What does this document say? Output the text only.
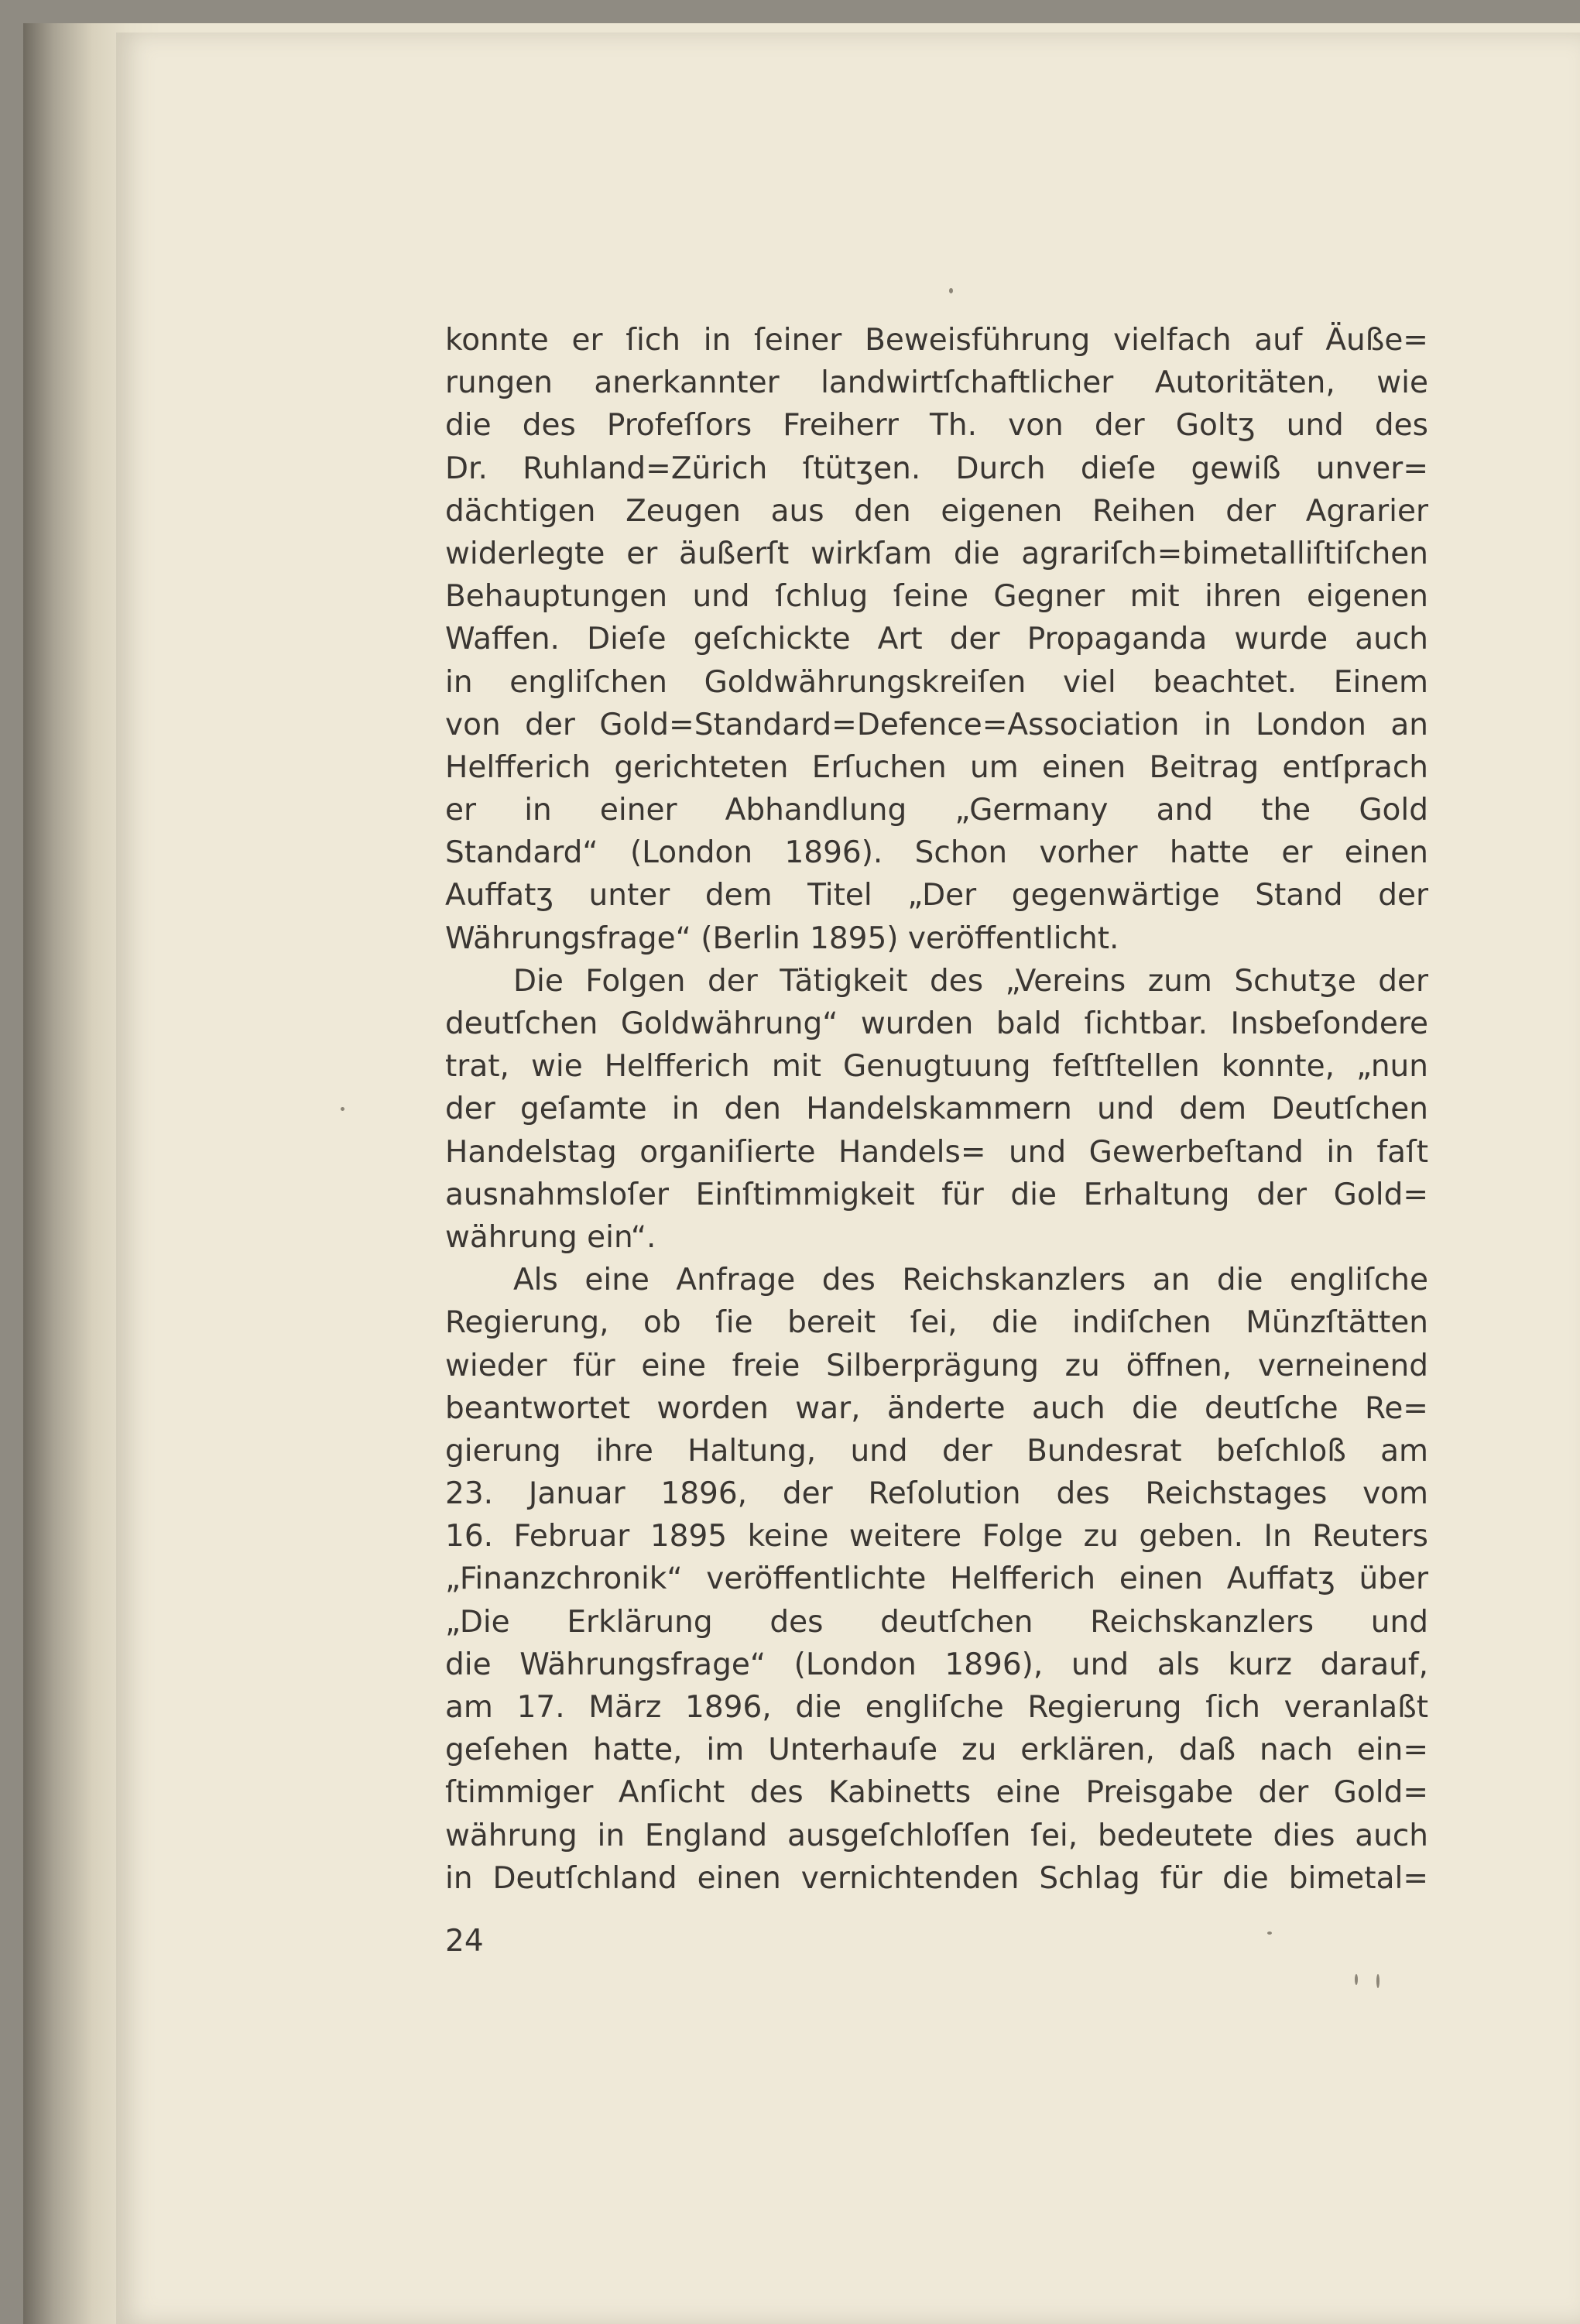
konnte er ſich in ſeiner Beweisführung vielfach auf Äuße=
rungen anerkannter landwirtſchaftlicher Autoritäten, wie
die des Profeſſors Freiherr Th. von der Goltʒ und des
Dr. Ruhland=Zürich ſtütʒen. Durch dieſe gewiß unver=
dächtigen Zeugen aus den eigenen Reihen der Agrarier
widerlegte er äußerſt wirkſam die agrariſch=bimetalliſtiſchen
Behauptungen und ſchlug ſeine Gegner mit ihren eigenen
Waffen. Dieſe geſchickte Art der Propaganda wurde auch
in engliſchen Goldwährungskreiſen viel beachtet. Einem
von der Gold=Standard=Defence=Association in London an
Helfferich gerichteten Erſuchen um einen Beitrag entſprach
er in einer Abhandlung „Germany and the Gold
Standard“ (London 1896). Schon vorher hatte er einen
Auffatʒ unter dem Titel „Der gegenwärtige Stand der
Währungsfrage“ (Berlin 1895) veröffentlicht.
Die Folgen der Tätigkeit des „Vereins zum Schutʒe der
deutſchen Goldwährung“ wurden bald ſichtbar. Insbeſondere
trat, wie Helfferich mit Genugtuung feſtſtellen konnte, „nun
der geſamte in den Handelskammern und dem Deutſchen
Handelstag organiſierte Handels= und Gewerbeſtand in faſt
ausnahmsloſer Einſtimmigkeit für die Erhaltung der Gold=
währung ein“.
Als eine Anfrage des Reichskanzlers an die engliſche
Regierung, ob ſie bereit ſei, die indiſchen Münzſtätten
wieder für eine freie Silberprägung zu öffnen, verneinend
beantwortet worden war, änderte auch die deutſche Re=
gierung ihre Haltung, und der Bundesrat beſchloß am
23. Januar 1896, der Reſolution des Reichstages vom
16. Februar 1895 keine weitere Folge zu geben. In Reuters
„Finanzchronik“ veröffentlichte Helfferich einen Auffatʒ über
„Die Erklärung des deutſchen Reichskanzlers und
die Währungsfrage“ (London 1896), und als kurz darauf,
am 17. März 1896, die engliſche Regierung ſich veranlaßt
geſehen hatte, im Unterhauſe zu erklären, daß nach ein=
ſtimmiger Anſicht des Kabinetts eine Preisgabe der Gold=
währung in England ausgeſchloſſen ſei, bedeutete dies auch
in Deutſchland einen vernichtenden Schlag für die bimetal=
24
